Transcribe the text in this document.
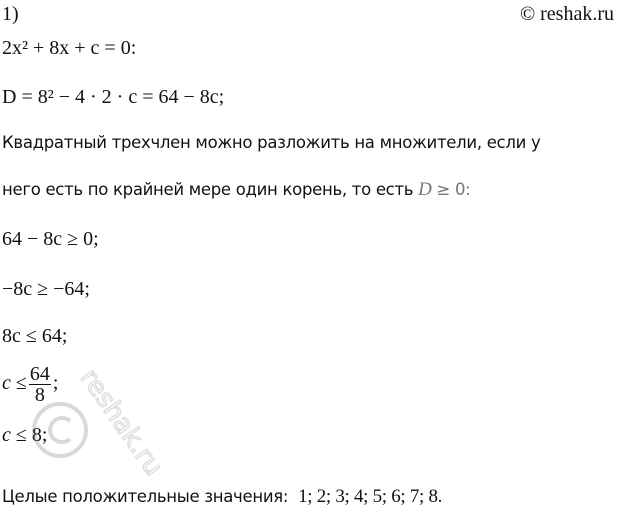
1)	© reshak.ru
2x² + 8x + c = 0:
D = 8² − 4 · 2 · c = 64 − 8c;
Квадратный трехчлен можно разложить на множители, если у
него есть по крайней мере один корень, то есть D ≥ 0:
64 − 8c ≥ 0;
−8c ≥ −64;
8c ≤ 64;
$c \le \frac{64}{8}$ ;
c ≤ 8;
Целые положительные значения: 1; 2; 3; 4; 5; 6; 7; 8.
reshak.ru
